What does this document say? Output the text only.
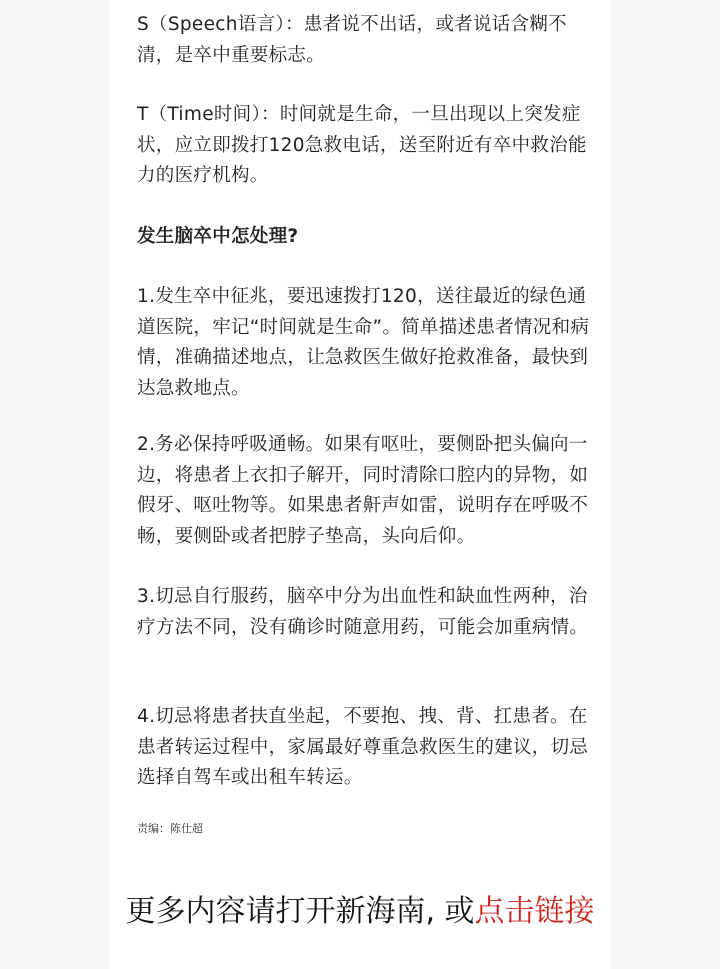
S（Speech语言）：患者说不出话，或者说话含糊不清，是卒中重要标志。

T（Time时间）：时间就是生命，一旦出现以上突发症状，应立即拨打120急救电话，送至附近有卒中救治能力的医疗机构。

发生脑卒中怎处理?

1.发生卒中征兆，要迅速拨打120，送往最近的绿色通道医院，牢记“时间就是生命”。简单描述患者情况和病情，准确描述地点，让急救医生做好抢救准备，最快到达急救地点。

2.务必保持呼吸通畅。如果有呕吐，要侧卧把头偏向一边，将患者上衣扣子解开，同时清除口腔内的异物，如假牙、呕吐物等。如果患者鼾声如雷，说明存在呼吸不畅，要侧卧或者把脖子垫高，头向后仰。

3.切忌自行服药，脑卒中分为出血性和缺血性两种，治疗方法不同，没有确诊时随意用药，可能会加重病情。

4.切忌将患者扶直坐起，不要抱、拽、背、扛患者。在患者转运过程中，家属最好尊重急救医生的建议，切忌选择自驾车或出租车转运。

责编：陈仕超
更多内容请打开新海南, 或点击链接
